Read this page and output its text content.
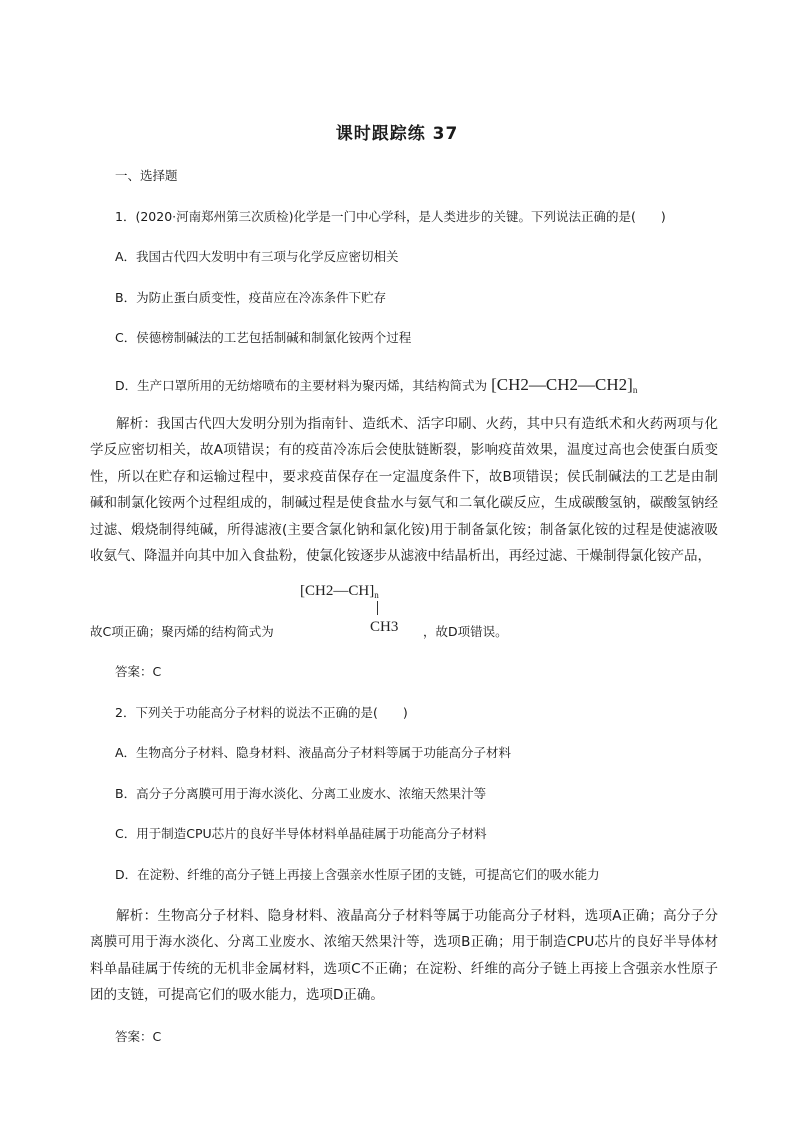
课时跟踪练 37
一、选择题
1．(2020·河南郑州第三次质检)化学是一门中心学科，是人类进步的关键。下列说法正确的是(　　)
A．我国古代四大发明中有三项与化学反应密切相关
B．为防止蛋白质变性，疫苗应在冷冻条件下贮存
C．侯德榜制碱法的工艺包括制碱和制氯化铵两个过程
D．生产口罩所用的无纺熔喷布的主要材料为聚丙烯，其结构简式为 [CH2—CH2—CH2]n

解析：我国古代四大发明分别为指南针、造纸术、活字印刷、火药，其中只有造纸术和火药两项与化学反应密切相关，故A项错误；有的疫苗冷冻后会使肽链断裂，影响疫苗效果，温度过高也会使蛋白质变性，所以在贮存和运输过程中，要求疫苗保存在一定温度条件下，故B项错误；侯氏制碱法的工艺是由制碱和制氯化铵两个过程组成的，制碱过程是使食盐水与氨气和二氧化碳反应，生成碳酸氢钠，碳酸氢钠经过滤、煅烧制得纯碱，所得滤液(主要含氯化钠和氯化铵)用于制备氯化铵；制备氯化铵的过程是使滤液吸收氨气、降温并向其中加入食盐粉，使氯化铵逐步从滤液中结晶析出，再经过滤、干燥制得氯化铵产品，

$[CH2—CH]_n$
CH3
故C项正确；聚丙烯的结构简式为	，故D项错误。
答案：C
2．下列关于功能高分子材料的说法不正确的是(　　)
A．生物高分子材料、隐身材料、液晶高分子材料等属于功能高分子材料
B．高分子分离膜可用于海水淡化、分离工业废水、浓缩天然果汁等
C．用于制造CPU芯片的良好半导体材料单晶硅属于功能高分子材料
D．在淀粉、纤维的高分子链上再接上含强亲水性原子团的支链，可提高它们的吸水能力

解析：生物高分子材料、隐身材料、液晶高分子材料等属于功能高分子材料，选项A正确；高分子分离膜可用于海水淡化、分离工业废水、浓缩天然果汁等，选项B正确；用于制造CPU芯片的良好半导体材料单晶硅属于传统的无机非金属材料，选项C不正确；在淀粉、纤维的高分子链上再接上含强亲水性原子团的支链，可提高它们的吸水能力，选项D正确。

答案：C
